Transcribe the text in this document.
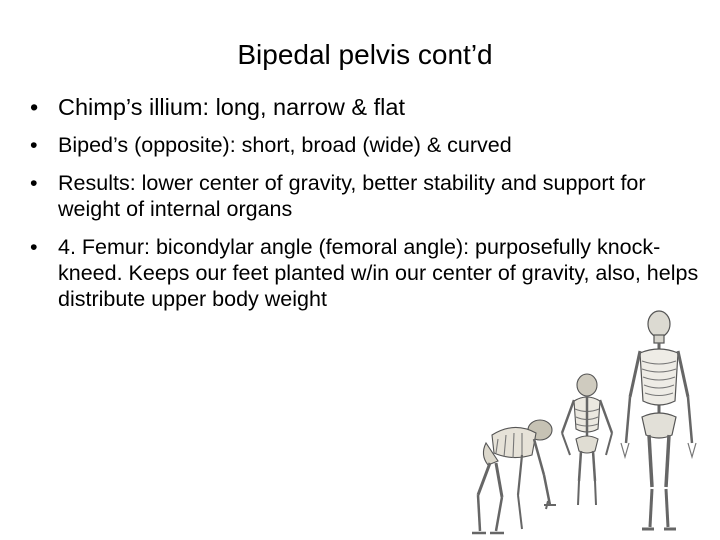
Bipedal pelvis cont’d
• Chimp’s illium: long, narrow & flat
• Biped’s (opposite): short, broad (wide) & curved
• Results: lower center of gravity, better stability and support for weight of internal organs
• 4. Femur: bicondylar angle (femoral angle): purposefully knock-kneed. Keeps our feet planted w/in our center of gravity, also, helps distribute upper body weight
